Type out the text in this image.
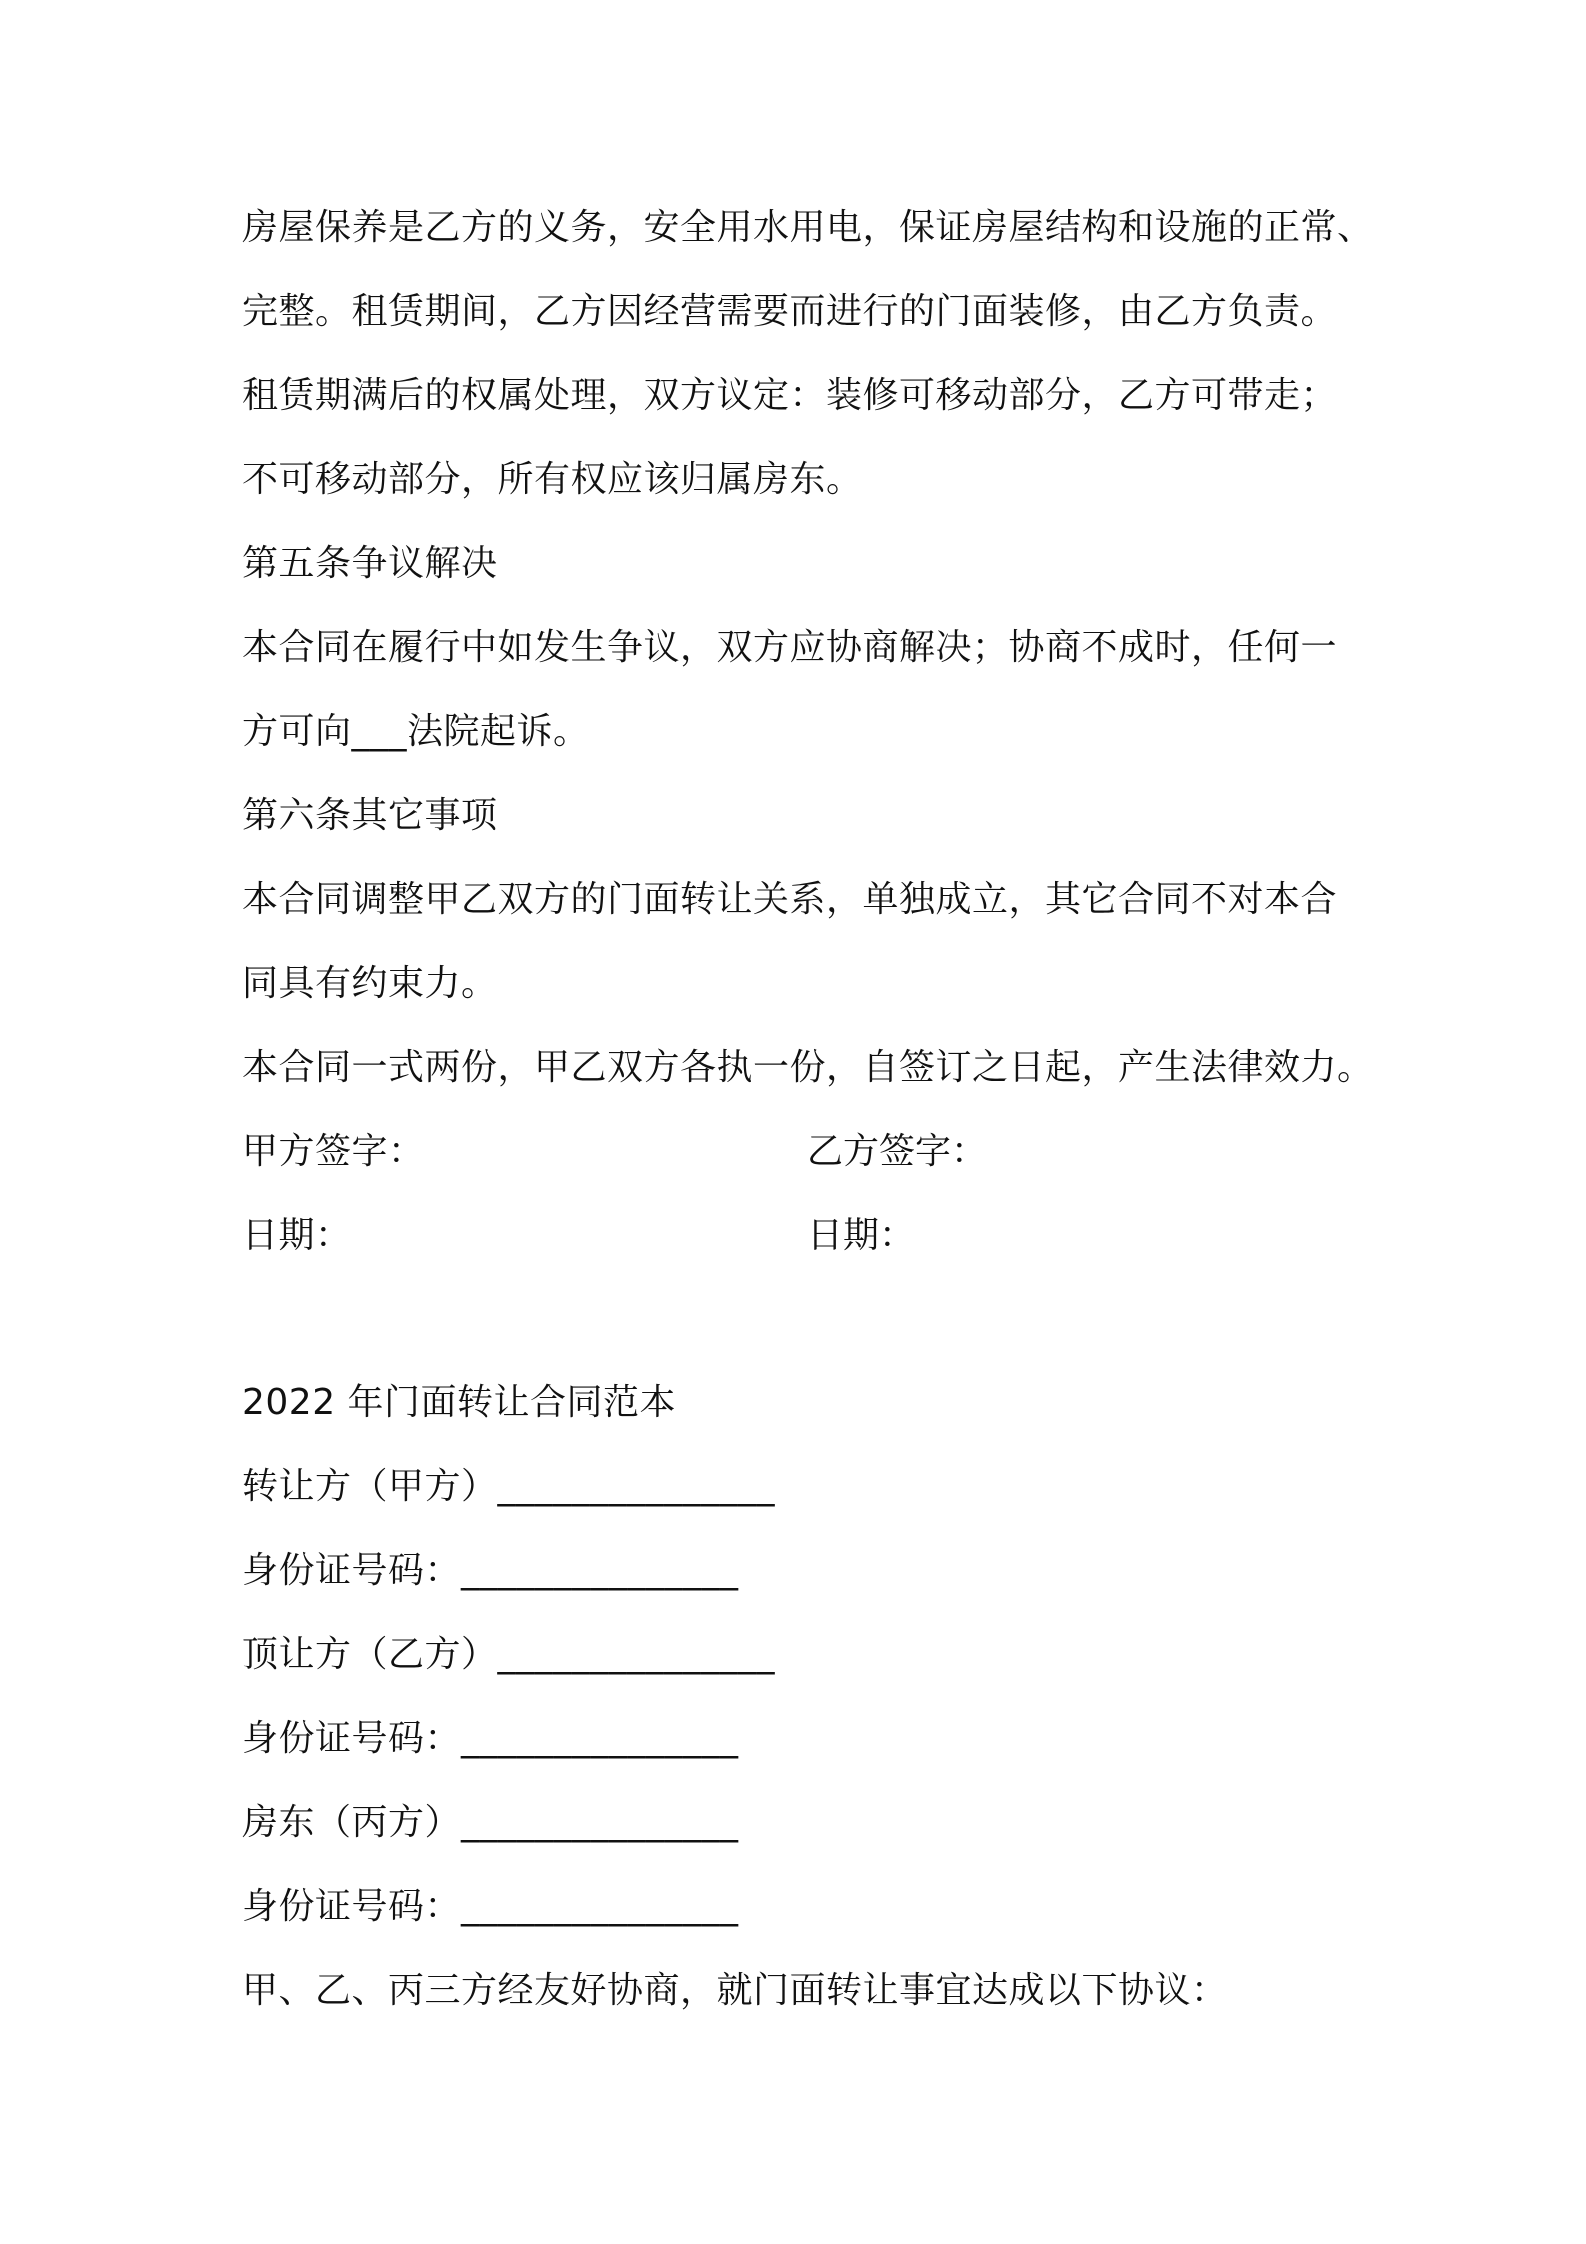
房屋保养是乙方的义务，安全用水用电，保证房屋结构和设施的正常、
完整。租赁期间，乙方因经营需要而进行的门面装修，由乙方负责。
租赁期满后的权属处理，双方议定：装修可移动部分，乙方可带走；
不可移动部分，所有权应该归属房东。
第五条争议解决
本合同在履行中如发生争议，双方应协商解决；协商不成时，任何一
方可向___法院起诉。
第六条其它事项
本合同调整甲乙双方的门面转让关系，单独成立，其它合同不对本合
同具有约束力。
本合同一式两份，甲乙双方各执一份，自签订之日起，产生法律效力。
甲方签字：	乙方签字：
日期：	日期：
2022 年门面转让合同范本
转让方（甲方）_______________
身份证号码：_______________
顶让方（乙方）_______________
身份证号码：_______________
房东（丙方）_______________
身份证号码：_______________
甲、乙、丙三方经友好协商，就门面转让事宜达成以下协议：
